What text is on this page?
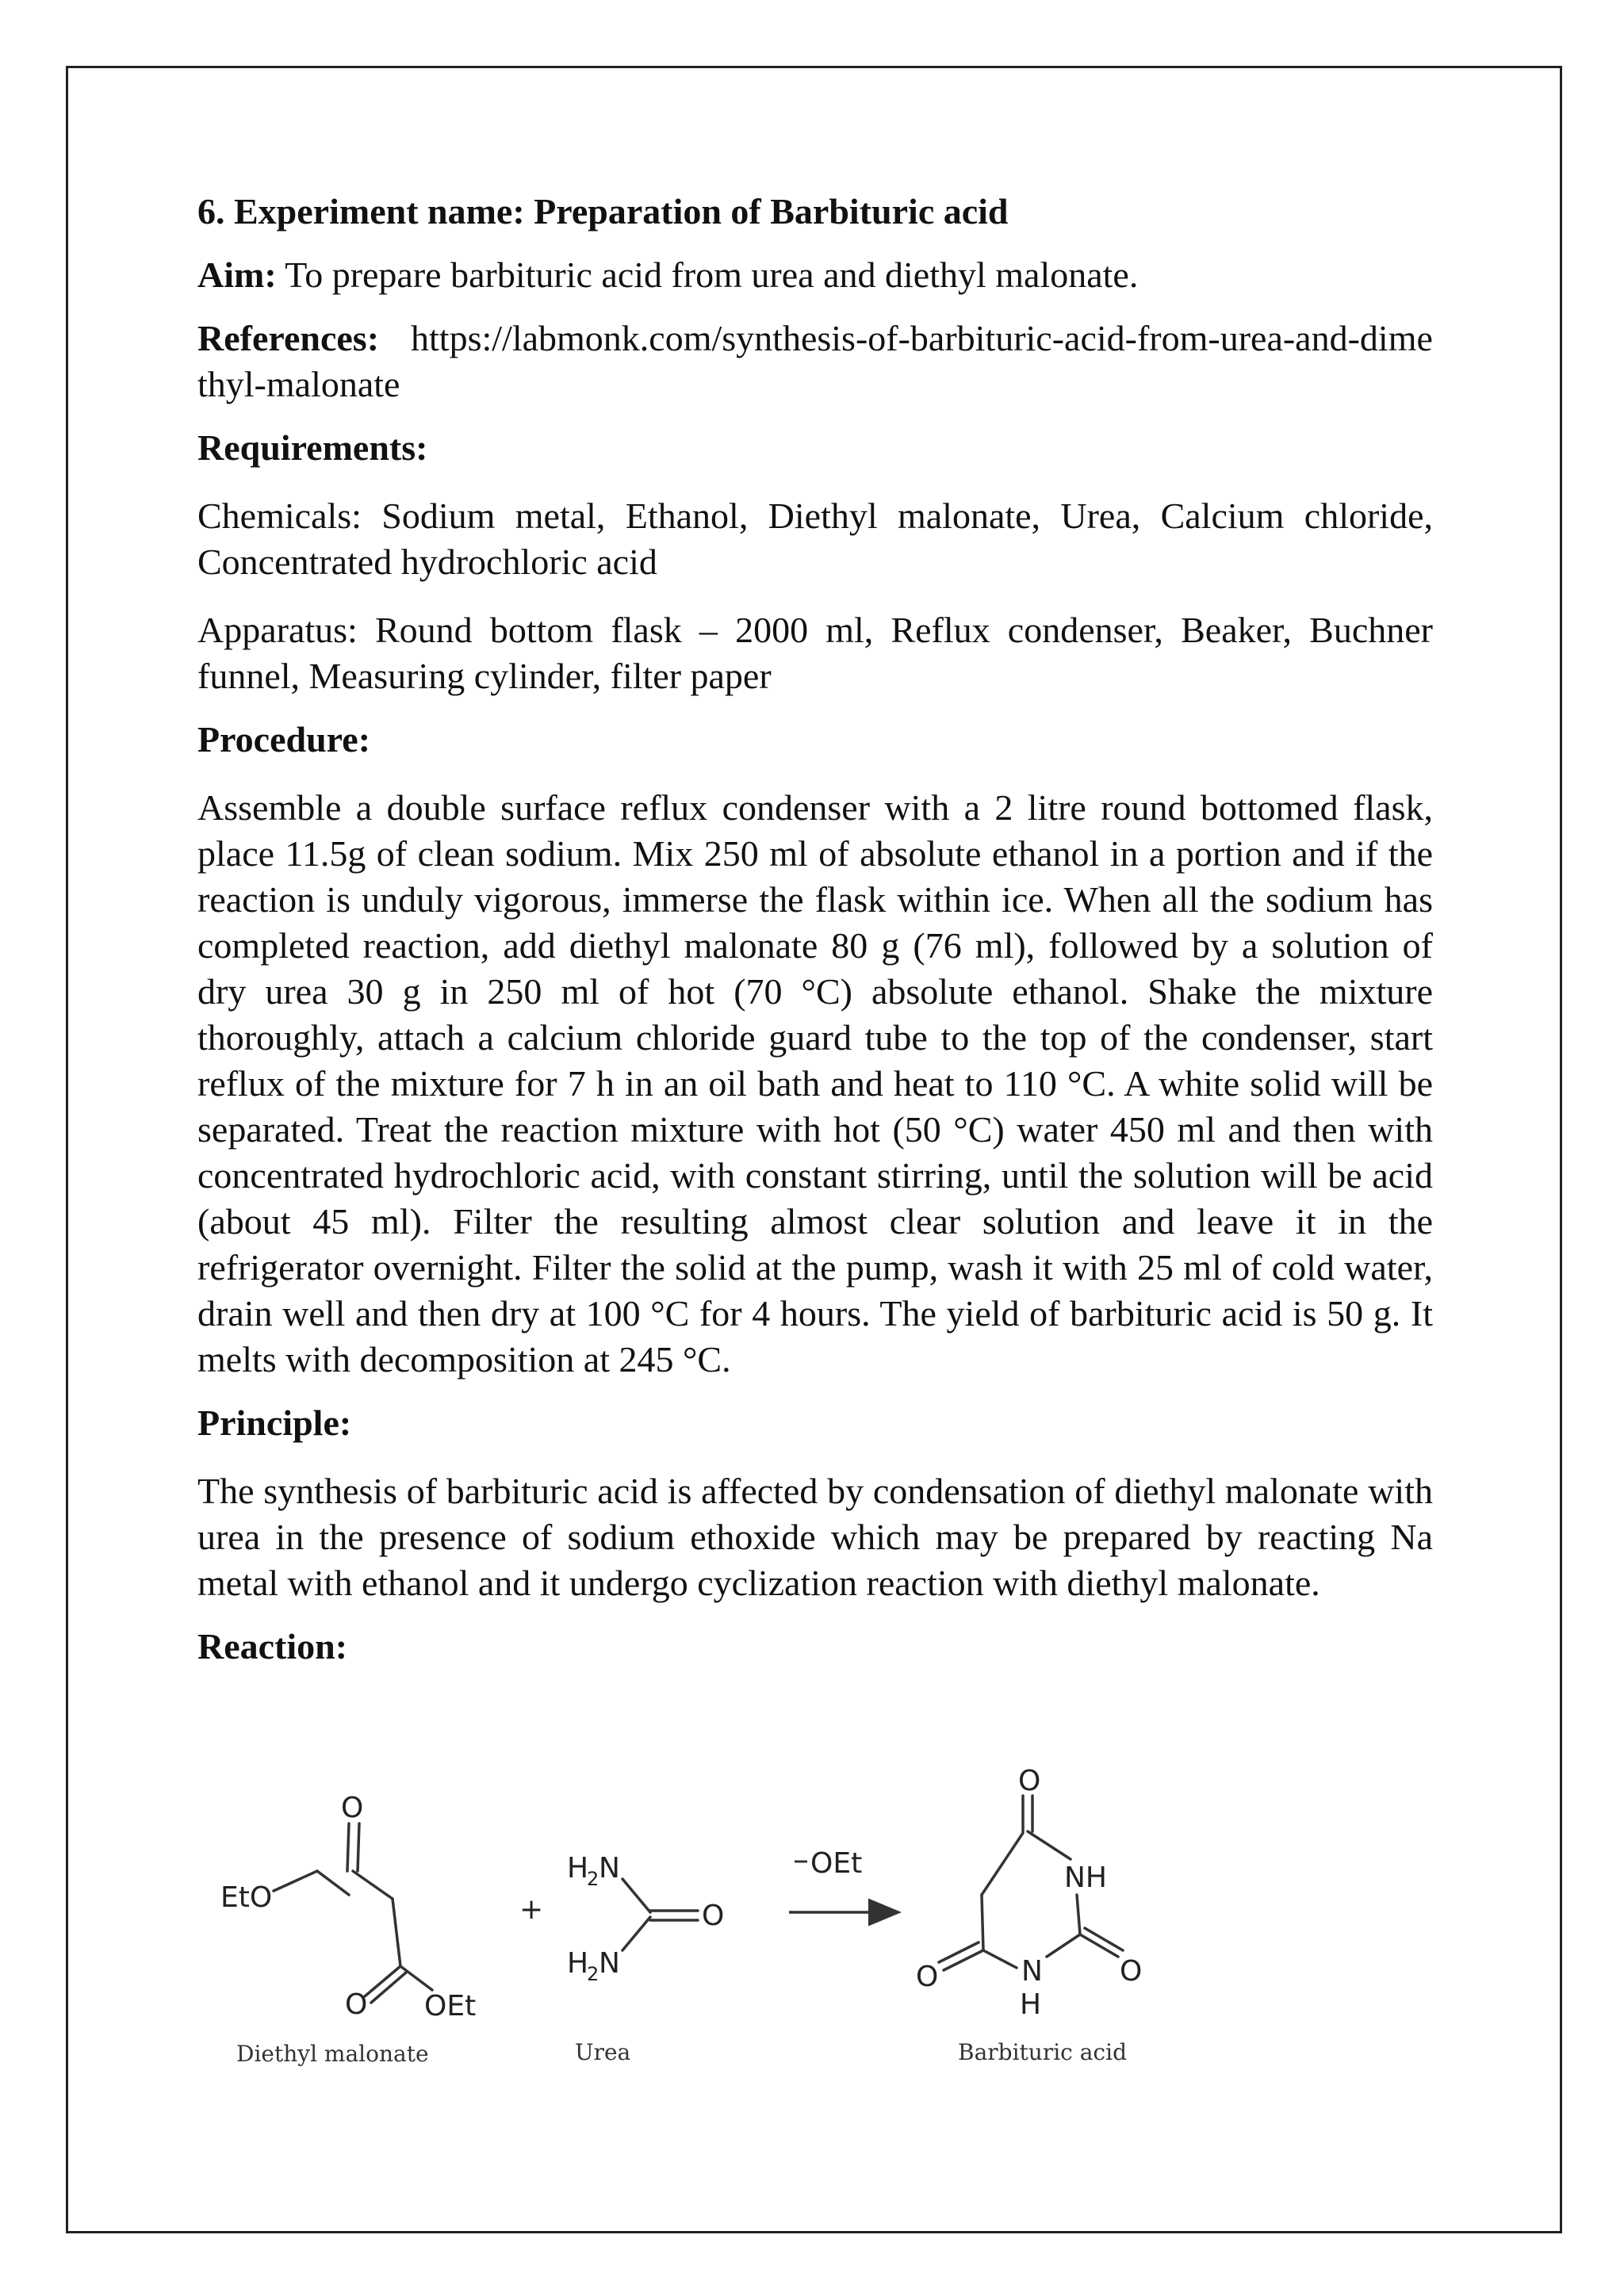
6. Experiment name: Preparation of Barbituric acid

Aim: To prepare barbituric acid from urea and diethyl malonate.

References: https://labmonk.com/synthesis-of-barbituric-acid-from-urea-and-dimethyl-malonate

Requirements:

Chemicals: Sodium metal, Ethanol, Diethyl malonate, Urea, Calcium chloride, Concentrated hydrochloric acid

Apparatus: Round bottom flask – 2000 ml, Reflux condenser, Beaker, Buchner funnel, Measuring cylinder, filter paper

Procedure:

Assemble a double surface reflux condenser with a 2 litre round bottomed flask, place 11.5g of clean sodium. Mix 250 ml of absolute ethanol in a portion and if the reaction is unduly vigorous, immerse the flask within ice. When all the sodium has completed reaction, add diethyl malonate 80 g (76 ml), followed by a solution of dry urea 30 g in 250 ml of hot (70 °C) absolute ethanol. Shake the mixture thoroughly, attach a calcium chloride guard tube to the top of the condenser, start reflux of the mixture for 7 h in an oil bath and heat to 110 °C. A white solid will be separated. Treat the reaction mixture with hot (50 °C) water 450 ml and then with concentrated hydrochloric acid, with constant stirring, until the solution will be acid (about 45 ml). Filter the resulting almost clear solution and leave it in the refrigerator overnight. Filter the solid at the pump, wash it with 25 ml of cold water, drain well and then dry at 100 °C for 4 hours. The yield of barbituric acid is 50 g. It melts with decomposition at 245 °C.

Principle:

The synthesis of barbituric acid is affected by condensation of diethyl malonate with urea in the presence of sodium ethoxide which may be prepared by reacting Na metal with ethanol and it undergo cyclization reaction with diethyl malonate.

Reaction:

O
EtO
O OEt
Diethyl malonate
+
H
2 N
H
2 N
O
Urea
OEt
O
NH
O
N
H
O
Barbituric acid
